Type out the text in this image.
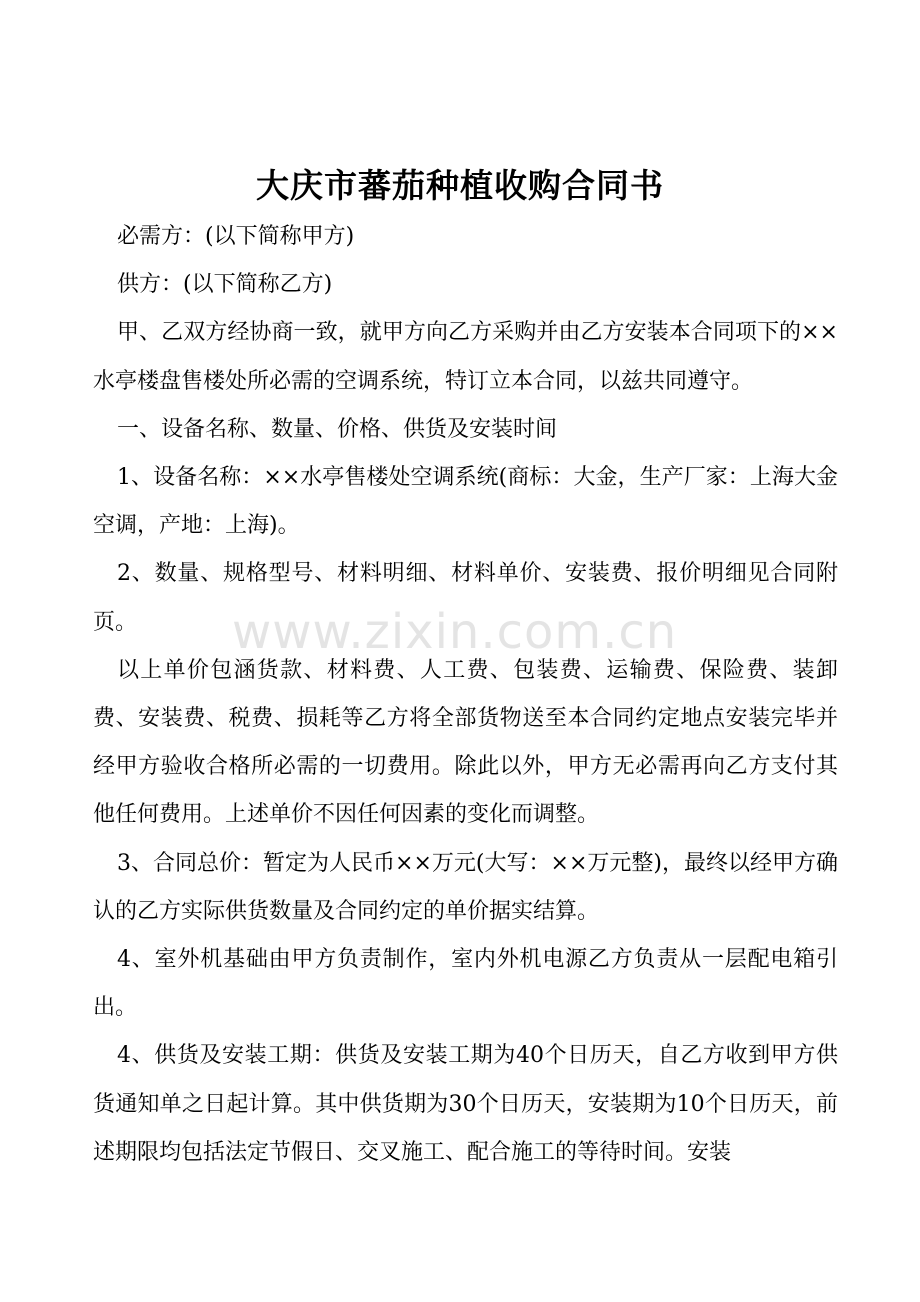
大庆市蕃茄种植收购合同书

必需方：(以下简称甲方)

供方：(以下简称乙方)

甲、乙双方经协商一致，就甲方向乙方采购并由乙方安装本合同项下的××水亭楼盘售楼处所必需的空调系统，特订立本合同，以兹共同遵守。

一、设备名称、数量、价格、供货及安装时间

1、设备名称：××水亭售楼处空调系统(商标：大金，生产厂家：上海大金空调，产地：上海)。

2、数量、规格型号、材料明细、材料单价、安装费、报价明细见合同附页。

以上单价包涵货款、材料费、人工费、包装费、运输费、保险费、装卸费、安装费、税费、损耗等乙方将全部货物送至本合同约定地点安装完毕并经甲方验收合格所必需的一切费用。除此以外，甲方无必需再向乙方支付其他任何费用。上述单价不因任何因素的变化而调整。

3、合同总价：暂定为人民币××万元(大写：××万元整)，最终以经甲方确认的乙方实际供货数量及合同约定的单价据实结算。

4、室外机基础由甲方负责制作，室内外机电源乙方负责从一层配电箱引出。

4、供货及安装工期：供货及安装工期为40个日历天，自乙方收到甲方供货通知单之日起计算。其中供货期为30个日历天，安装期为10个日历天，前述期限均包括法定节假日、交叉施工、配合施工的等待时间。安装

www.zixin.com.cn
